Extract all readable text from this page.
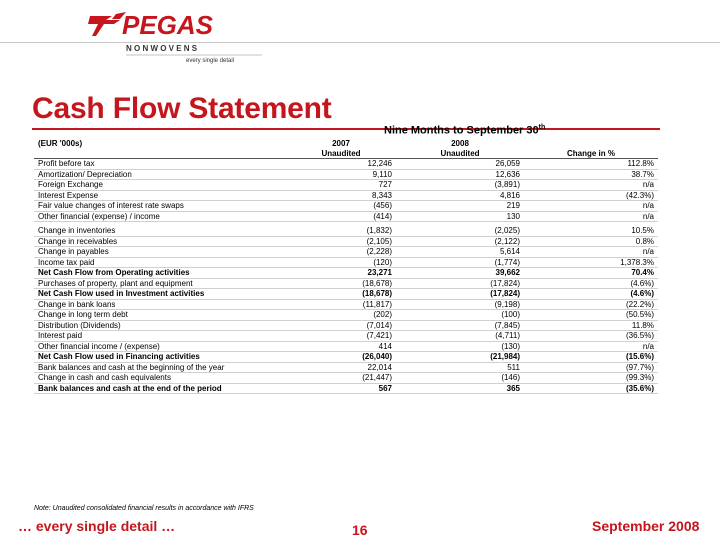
PEGAS
N O N W O V E N S
every single detail
Cash Flow Statement
Nine Months to September 30th
(EUR '000s)	2007	2008	
	Unaudited	Unaudited	Change in %
Profit before tax	12,246	26,059	112.8%
Amortization/ Depreciation	9,110	12,636	38.7%
Foreign Exchange	727	(3,891)	n/a
Interest Expense	8,343	4,816	(42.3%)
Fair value changes of interest rate swaps	(456)	219	n/a
Other financial (expense) / income	(414)	130	n/a
Change in inventories	(1,832)	(2,025)	10.5%
Change in receivables	(2,105)	(2,122)	0.8%
Change in payables	(2,228)	5,614	n/a
Income tax paid	(120)	(1,774)	1,378.3%
Net Cash Flow from Operating activities	23,271	39,662	70.4%
Purchases of property, plant and equipment	(18,678)	(17,824)	(4.6%)
Net Cash Flow used in Investment activities	(18,678)	(17,824)	(4.6%)
Change in bank loans	(11,817)	(9,198)	(22.2%)
Change in long term debt	(202)	(100)	(50.5%)
Distribution (Dividends)	(7,014)	(7,845)	11.8%
Interest paid	(7,421)	(4,711)	(36.5%)
Other financial income / (expense)	414	(130)	n/a
Net Cash Flow used in Financing activities	(26,040)	(21,984)	(15.6%)
Bank balances and cash at the beginning of the year	22,014	511	(97.7%)
Change in cash and cash equivalents	(21,447)	(146)	(99.3%)
Bank balances and cash at the end of the period	567	365	(35.6%)
Note: Unaudited consolidated financial results in accordance with IFRS
… every single detail …	16	September 2008
